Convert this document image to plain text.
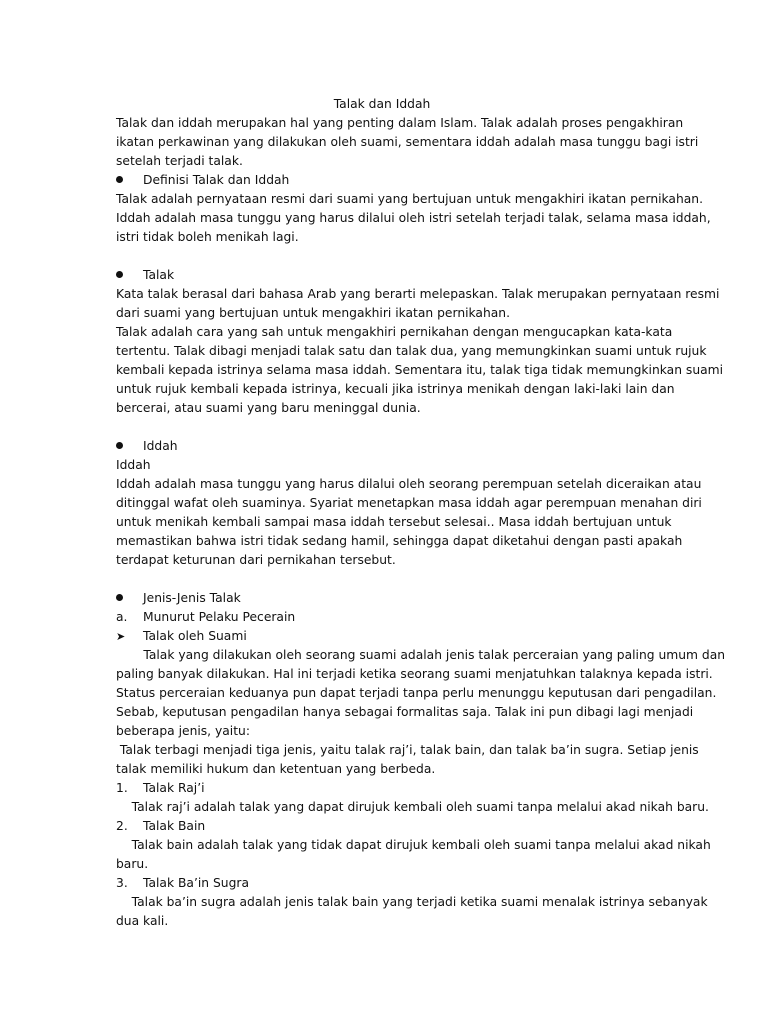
Talak dan Iddah
Talak dan iddah merupakan hal yang penting dalam Islam. Talak adalah proses pengakhiran
ikatan perkawinan yang dilakukan oleh suami, sementara iddah adalah masa tunggu bagi istri
setelah terjadi talak.
Definisi Talak dan Iddah
Talak adalah pernyataan resmi dari suami yang bertujuan untuk mengakhiri ikatan pernikahan.
Iddah adalah masa tunggu yang harus dilalui oleh istri setelah terjadi talak, selama masa iddah,
istri tidak boleh menikah lagi.
Talak
Kata talak berasal dari bahasa Arab yang berarti melepaskan. Talak merupakan pernyataan resmi
dari suami yang bertujuan untuk mengakhiri ikatan pernikahan.
Talak adalah cara yang sah untuk mengakhiri pernikahan dengan mengucapkan kata-kata
tertentu. Talak dibagi menjadi talak satu dan talak dua, yang memungkinkan suami untuk rujuk
kembali kepada istrinya selama masa iddah. Sementara itu, talak tiga tidak memungkinkan suami
untuk rujuk kembali kepada istrinya, kecuali jika istrinya menikah dengan laki-laki lain dan
bercerai, atau suami yang baru meninggal dunia.
Iddah
Iddah
Iddah adalah masa tunggu yang harus dilalui oleh seorang perempuan setelah diceraikan atau
ditinggal wafat oleh suaminya. Syariat menetapkan masa iddah agar perempuan menahan diri
untuk menikah kembali sampai masa iddah tersebut selesai.. Masa iddah bertujuan untuk
memastikan bahwa istri tidak sedang hamil, sehingga dapat diketahui dengan pasti apakah
terdapat keturunan dari pernikahan tersebut.
Jenis-Jenis Talak
a. Munurut Pelaku Pecerain
➤ Talak oleh Suami
Talak yang dilakukan oleh seorang suami adalah jenis talak perceraian yang paling umum dan
paling banyak dilakukan. Hal ini terjadi ketika seorang suami menjatuhkan talaknya kepada istri.
Status perceraian keduanya pun dapat terjadi tanpa perlu menunggu keputusan dari pengadilan.
Sebab, keputusan pengadilan hanya sebagai formalitas saja. Talak ini pun dibagi lagi menjadi
beberapa jenis, yaitu:
Talak terbagi menjadi tiga jenis, yaitu talak raj’i, talak bain, dan talak ba’in sugra. Setiap jenis
talak memiliki hukum dan ketentuan yang berbeda.
1. Talak Raj’i
Talak raj’i adalah talak yang dapat dirujuk kembali oleh suami tanpa melalui akad nikah baru.
2. Talak Bain
Talak bain adalah talak yang tidak dapat dirujuk kembali oleh suami tanpa melalui akad nikah
baru.
3. Talak Ba’in Sugra
Talak ba’in sugra adalah jenis talak bain yang terjadi ketika suami menalak istrinya sebanyak
dua kali.
